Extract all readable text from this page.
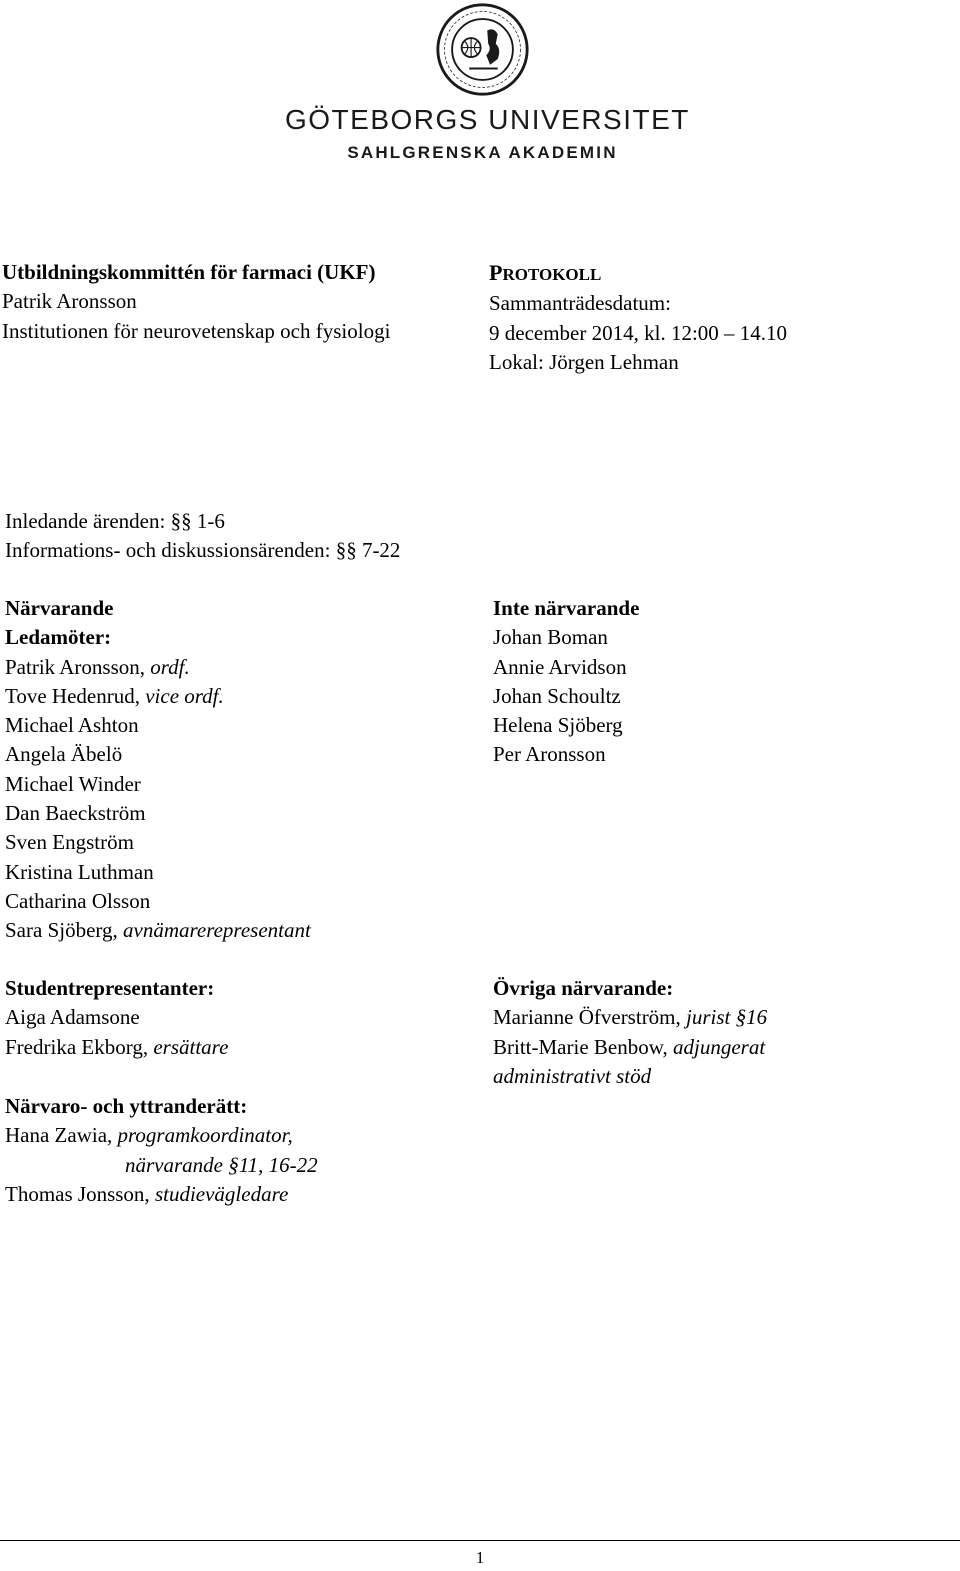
GÖTEBORGS UNIVERSITET
SAHLGRENSKA AKADEMIN
Utbildningskommittén för farmaci (UKF)
Patrik Aronsson
Institutionen för neurovetenskap och fysiologi
PROTOKOLL
Sammanträdesdatum:
9 december 2014, kl. 12:00 – 14.10
Lokal: Jörgen Lehman
Inledande ärenden: §§ 1-6
Informations- och diskussionsärenden: §§ 7-22
Närvarande
Ledamöter:
Patrik Aronsson, ordf.
Tove Hedenrud, vice ordf.
Michael Ashton
Angela Äbelö
Michael Winder
Dan Baeckström
Sven Engström
Kristina Luthman
Catharina Olsson
Sara Sjöberg, avnämarerepresentant
Inte närvarande
Johan Boman
Annie Arvidson
Johan Schoultz
Helena Sjöberg
Per Aronsson
Studentrepresentanter:
Aiga Adamsone
Fredrika Ekborg, ersättare
Övriga närvarande:
Marianne Öfverström, jurist §16
Britt-Marie Benbow, adjungerat
administrativt stöd
Närvaro- och yttranderätt:
Hana Zawia, programkoordinator,
närvarande §11, 16-22
Thomas Jonsson, studievägledare
1
